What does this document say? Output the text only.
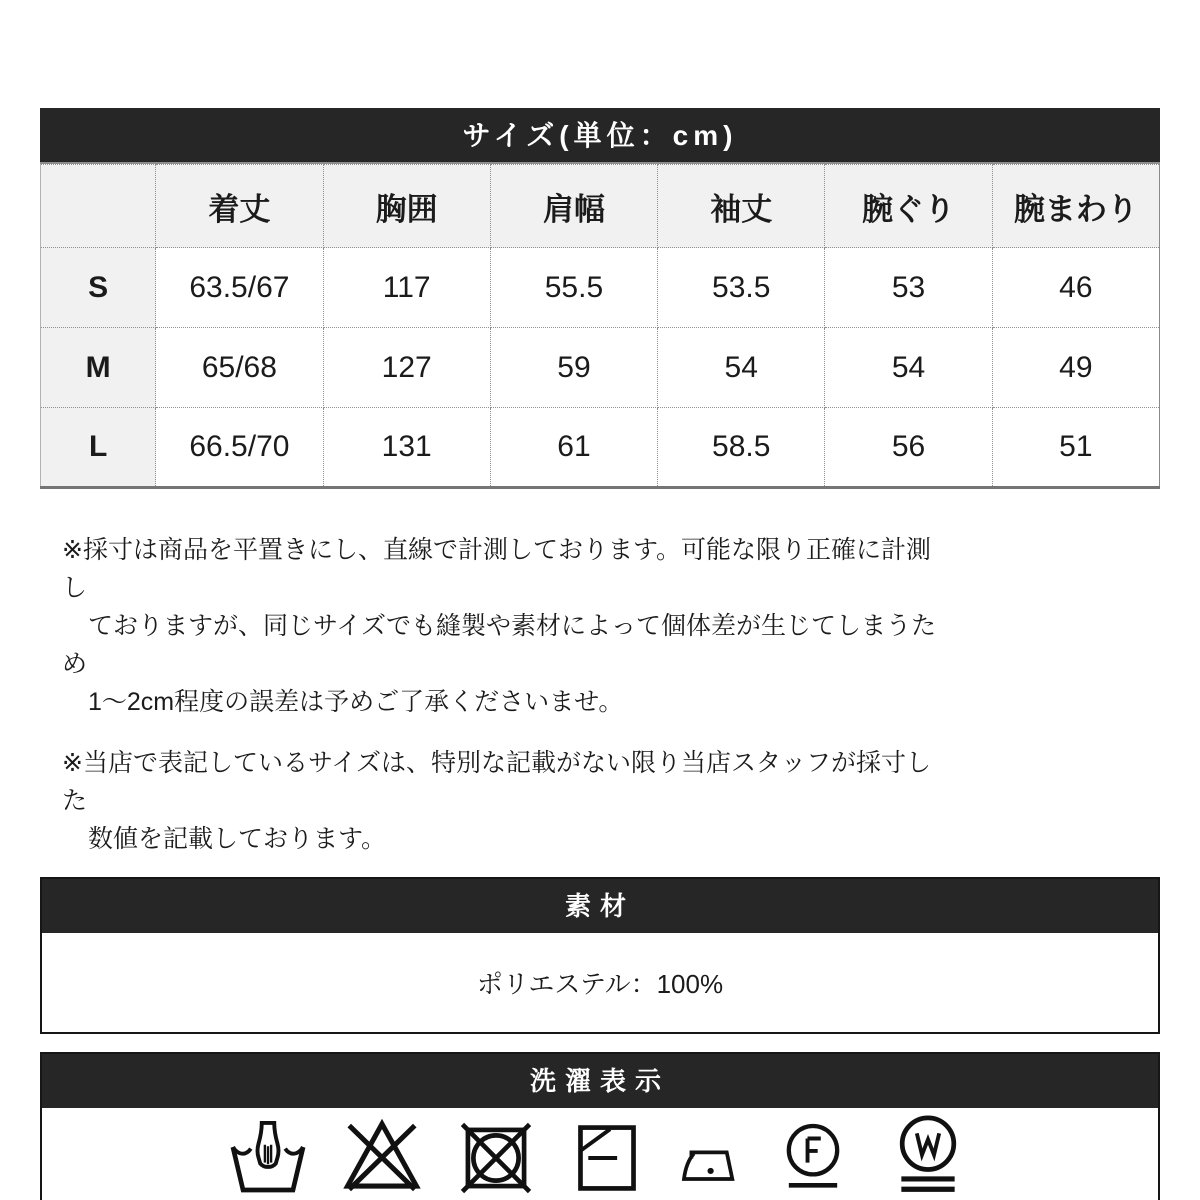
サイズ(単位：cm)
	着丈	胸囲	肩幅	袖丈	腕ぐり	腕まわり
S	63.5/67	117	55.5	53.5	53	46
M	65/68	127	59	54	54	49
L	66.5/70	131	61	58.5	56	51

※採寸は商品を平置きにし、直線で計測しております。可能な限り正確に計測し
ておりますが、同じサイズでも縫製や素材によって個体差が生じてしまうため
1〜2cm程度の誤差は予めご了承くださいませ。

※当店で表記しているサイズは、特別な記載がない限り当店スタッフが採寸した
数値を記載しております。

素材
ポリエステル：100%
洗濯表示
